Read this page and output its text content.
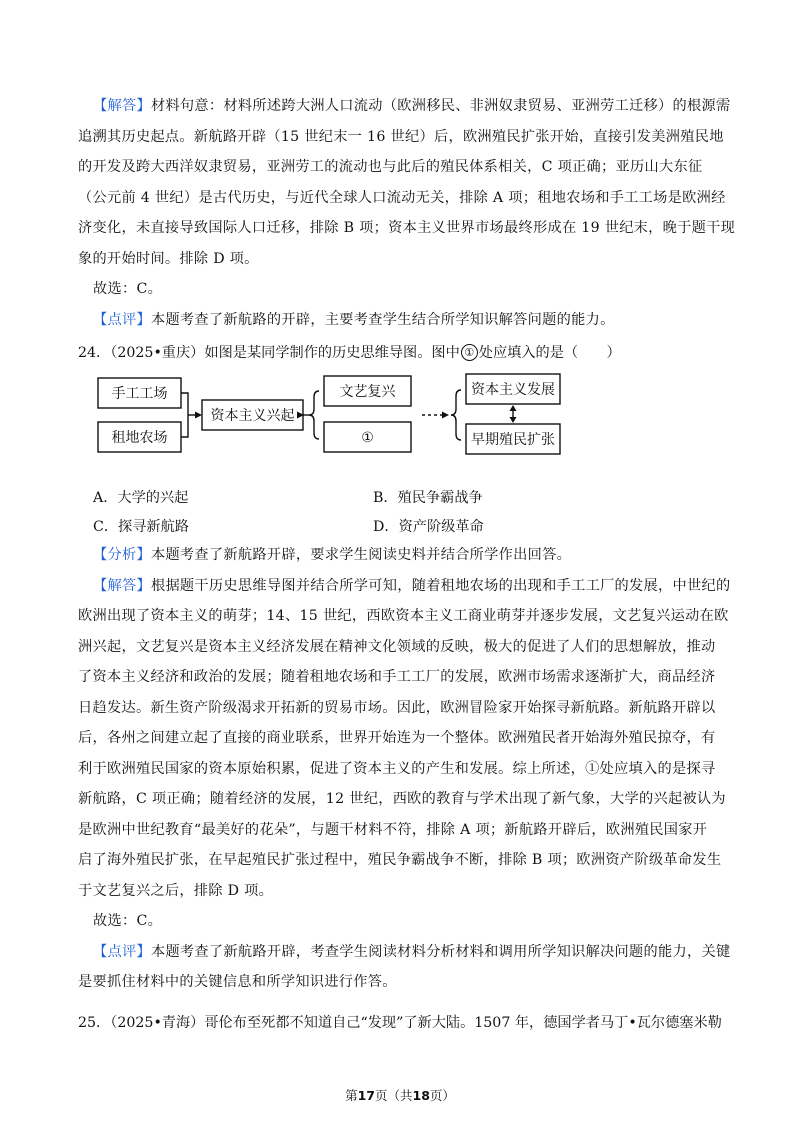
【解答】材料句意：材料所述跨大洲人口流动（欧洲移民、非洲奴隶贸易、亚洲劳工迁移）的根源需
追溯其历史起点。新航路开辟（15 世纪末一 16 世纪）后，欧洲殖民扩张开始，直接引发美洲殖民地
的开发及跨大西洋奴隶贸易，亚洲劳工的流动也与此后的殖民体系相关，C 项正确；亚历山大东征
（公元前 4 世纪）是古代历史，与近代全球人口流动无关，排除 A 项；租地农场和手工工场是欧洲经
济变化，未直接导致国际人口迁移，排除 B 项；资本主义世界市场最终形成在 19 世纪末，晚于题干现
象的开始时间。排除 D 项。
故选：C。
【点评】本题考查了新航路的开辟，主要考查学生结合所学知识解答问题的能力。
24．（2025•重庆）如图是某同学制作的历史思维导图。图中 ① 处应填入的是（　　）
手工工场
租地农场
资本主义兴起
文艺复兴
①
资本主义发展
早期殖民扩张
A．大学的兴起	B．殖民争霸战争
C．探寻新航路	D．资产阶级革命
【分析】本题考查了新航路开辟，要求学生阅读史料并结合所学作出回答。
【解答】根据题干历史思维导图并结合所学可知，随着租地农场的出现和手工工厂的发展，中世纪的
欧洲出现了资本主义的萌芽；14、15 世纪，西欧资本主义工商业萌芽并逐步发展，文艺复兴运动在欧
洲兴起，文艺复兴是资本主义经济发展在精神文化领域的反映，极大的促进了人们的思想解放，推动
了资本主义经济和政治的发展；随着租地农场和手工工厂的发展，欧洲市场需求逐渐扩大，商品经济
日趋发达。新生资产阶级渴求开拓新的贸易市场。因此，欧洲冒险家开始探寻新航路。新航路开辟以
后，各州之间建立起了直接的商业联系，世界开始连为一个整体。欧洲殖民者开始海外殖民掠夺，有
利于欧洲殖民国家的资本原始积累，促进了资本主义的产生和发展。综上所述，①处应填入的是探寻
新航路，C 项正确；随着经济的发展，12 世纪，西欧的教育与学术出现了新气象，大学的兴起被认为
是欧洲中世纪教育“最美好的花朵”，与题干材料不符，排除 A 项；新航路开辟后，欧洲殖民国家开
启了海外殖民扩张，在早起殖民扩张过程中，殖民争霸战争不断，排除 B 项；欧洲资产阶级革命发生
于文艺复兴之后，排除 D 项。
故选：C。
【点评】本题考查了新航路开辟，考查学生阅读材料分析材料和调用所学知识解决问题的能力，关键
是要抓住材料中的关键信息和所学知识进行作答。
25．（2025•青海）哥伦布至死都不知道自己“发现”了新大陆。1507 年，德国学者马丁•瓦尔德塞米勒
第17页（共18页）
